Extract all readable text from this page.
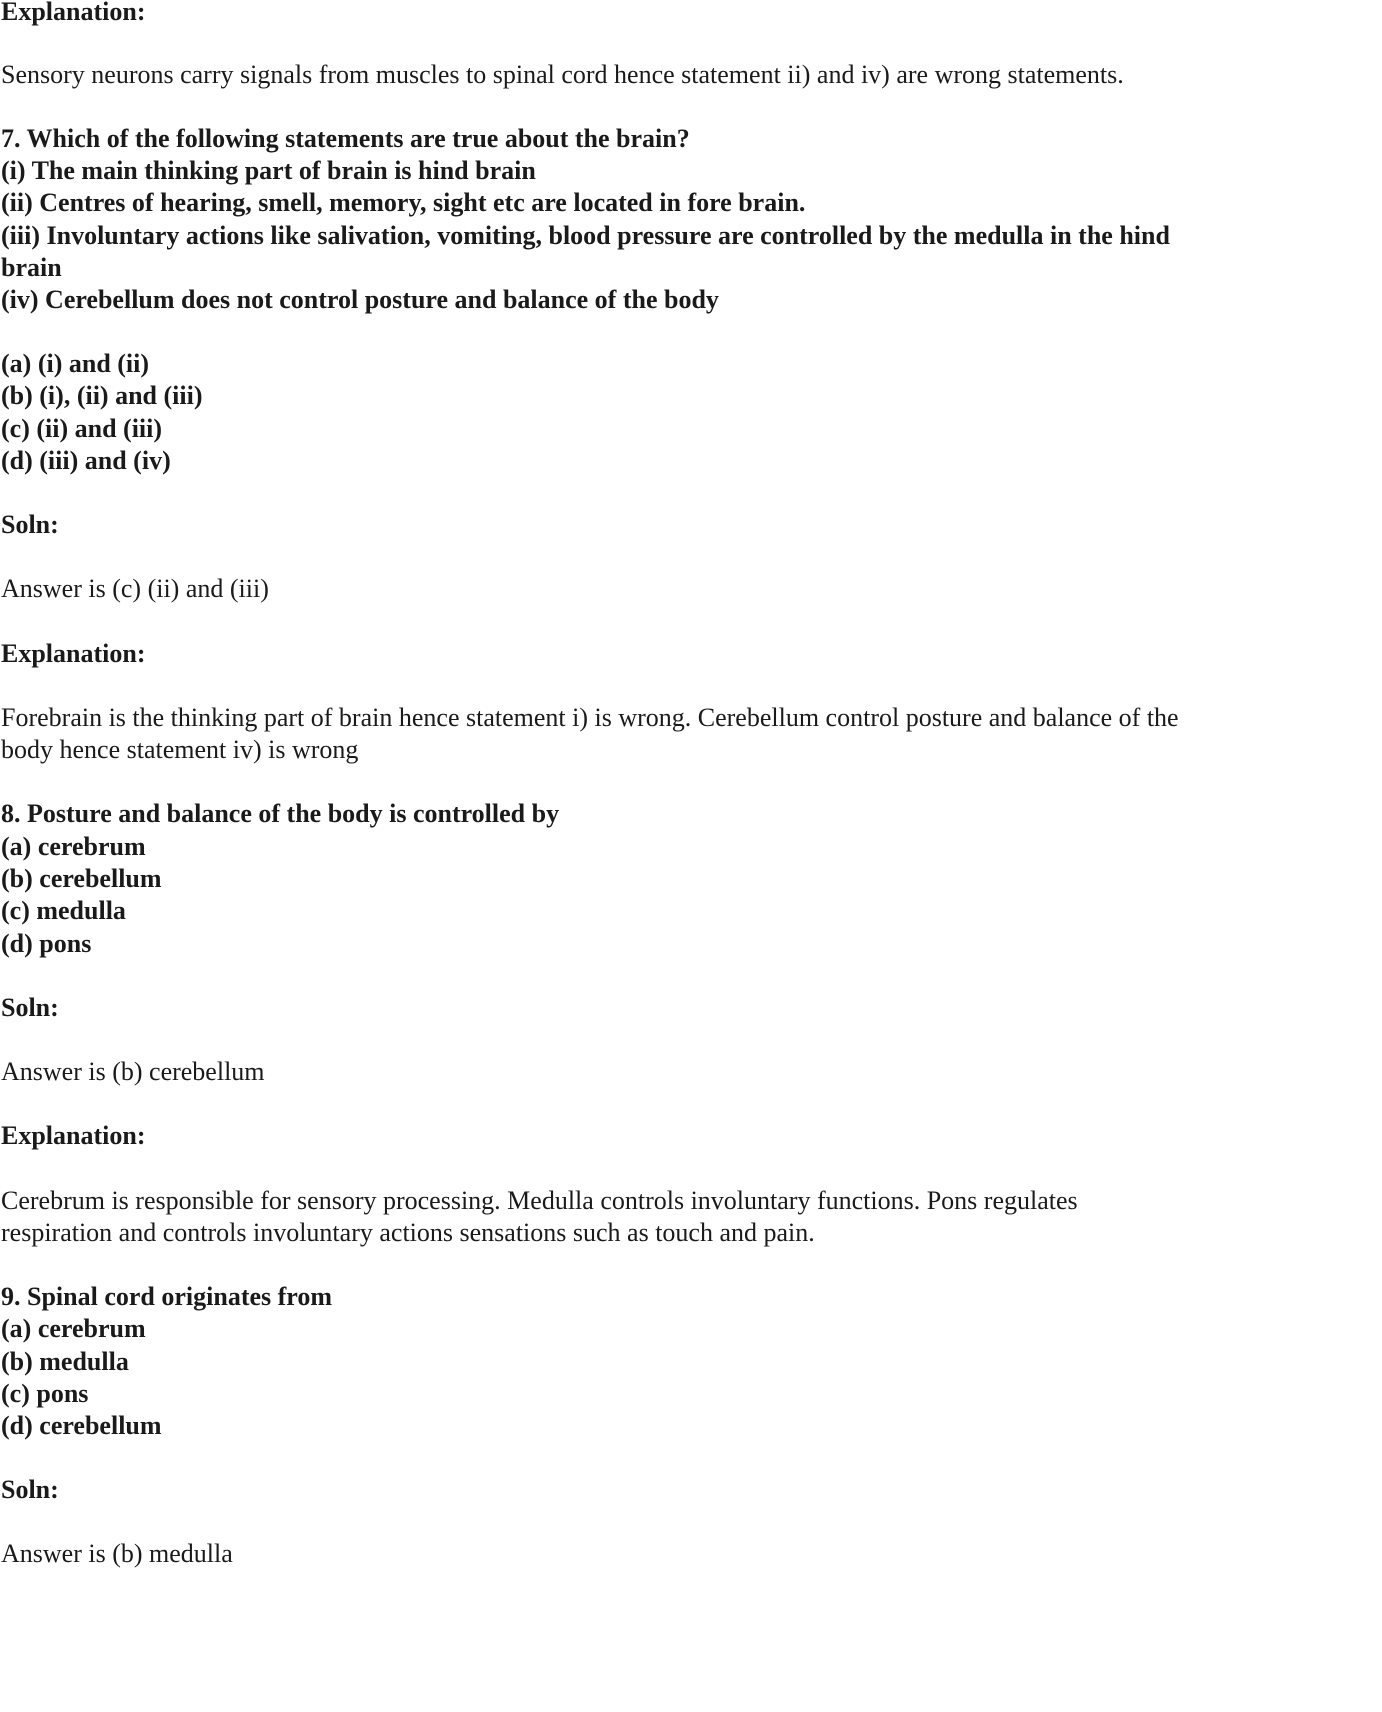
Explanation:
Sensory neurons carry signals from muscles to spinal cord hence statement ii) and iv) are wrong statements.
7. Which of the following statements are true about the brain?
(i) The main thinking part of brain is hind brain
(ii) Centres of hearing, smell, memory, sight etc are located in fore brain.
(iii) Involuntary actions like salivation, vomiting, blood pressure are controlled by the medulla in the hind
brain
(iv) Cerebellum does not control posture and balance of the body
(a) (i) and (ii)
(b) (i), (ii) and (iii)
(c) (ii) and (iii)
(d) (iii) and (iv)
Soln:
Answer is (c) (ii) and (iii)
Explanation:
Forebrain is the thinking part of brain hence statement i) is wrong. Cerebellum control posture and balance of the
body hence statement iv) is wrong
8. Posture and balance of the body is controlled by
(a) cerebrum
(b) cerebellum
(c) medulla
(d) pons
Soln:
Answer is (b) cerebellum
Explanation:
Cerebrum is responsible for sensory processing. Medulla controls involuntary functions. Pons regulates
respiration and controls involuntary actions sensations such as touch and pain.
9. Spinal cord originates from
(a) cerebrum
(b) medulla
(c) pons
(d) cerebellum
Soln:
Answer is (b) medulla
